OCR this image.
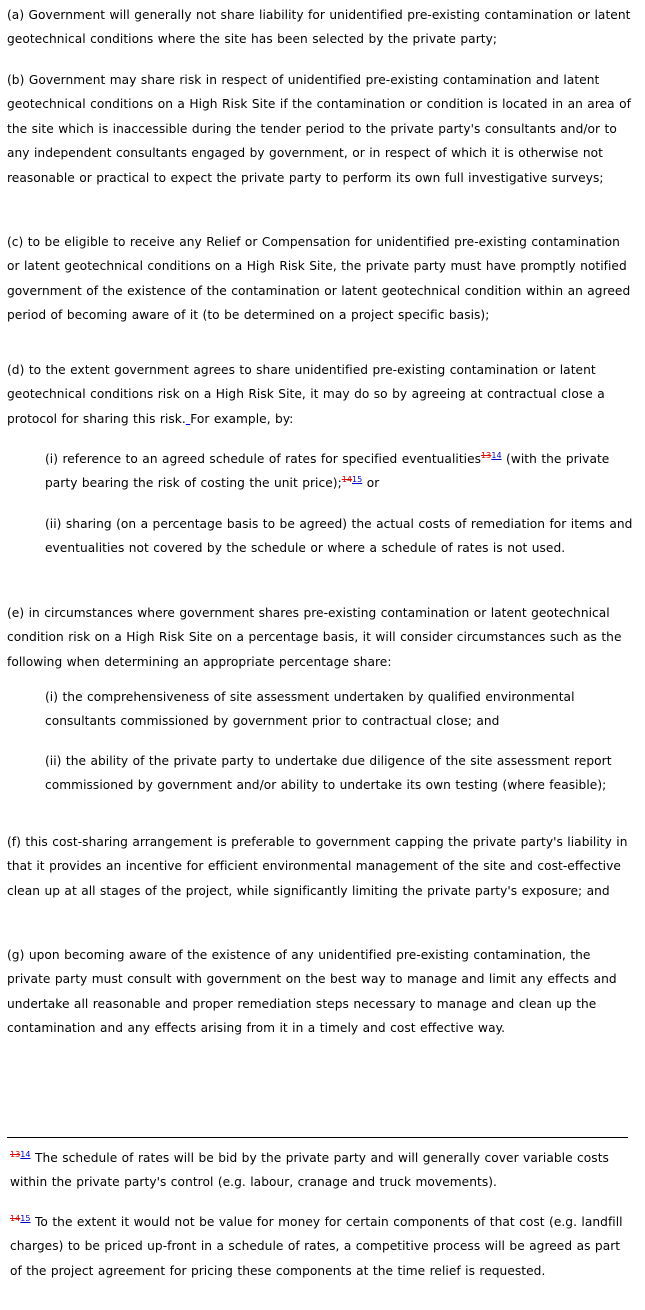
(a) Government will generally not share liability for unidentified pre-existing contamination or latent geotechnical conditions where the site has been selected by the private party;

(b) Government may share risk in respect of unidentified pre-existing contamination and latent geotechnical conditions on a High Risk Site if the contamination or condition is located in an area of the site which is inaccessible during the tender period to the private party's consultants and/or to any independent consultants engaged by government, or in respect of which it is otherwise not reasonable or practical to expect the private party to perform its own full investigative surveys;

(c) to be eligible to receive any Relief or Compensation for unidentified pre-existing contamination or latent geotechnical conditions on a High Risk Site, the private party must have promptly notified government of the existence of the contamination or latent geotechnical condition within an agreed period of becoming aware of it (to be determined on a project specific basis);

(d) to the extent government agrees to share unidentified pre-existing contamination or latent geotechnical conditions risk on a High Risk Site, it may do so by agreeing at contractual close a protocol for sharing this risk. For example, by:

(i) reference to an agreed schedule of rates for specified eventualities$^{1314}$ (with the private party bearing the risk of costing the unit price);$^{1415}$ or

(ii) sharing (on a percentage basis to be agreed) the actual costs of remediation for items and eventualities not covered by the schedule or where a schedule of rates is not used.

(e) in circumstances where government shares pre-existing contamination or latent geotechnical condition risk on a High Risk Site on a percentage basis, it will consider circumstances such as the following when determining an appropriate percentage share:

(i) the comprehensiveness of site assessment undertaken by qualified environmental consultants commissioned by government prior to contractual close; and

(ii) the ability of the private party to undertake due diligence of the site assessment report commissioned by government and/or ability to undertake its own testing (where feasible);

(f) this cost-sharing arrangement is preferable to government capping the private party's liability in that it provides an incentive for efficient environmental management of the site and cost-effective clean up at all stages of the project, while significantly limiting the private party's exposure; and

(g) upon becoming aware of the existence of any unidentified pre-existing contamination, the private party must consult with government on the best way to manage and limit any effects and undertake all reasonable and proper remediation steps necessary to manage and clean up the contamination and any effects arising from it in a timely and cost effective way.

$^{1314}$ The schedule of rates will be bid by the private party and will generally cover variable costs within the private party's control (e.g. labour, cranage and truck movements).

$^{1415}$ To the extent it would not be value for money for certain components of that cost (e.g. landfill charges) to be priced up-front in a schedule of rates, a competitive process will be agreed as part of the project agreement for pricing these components at the time relief is requested.
